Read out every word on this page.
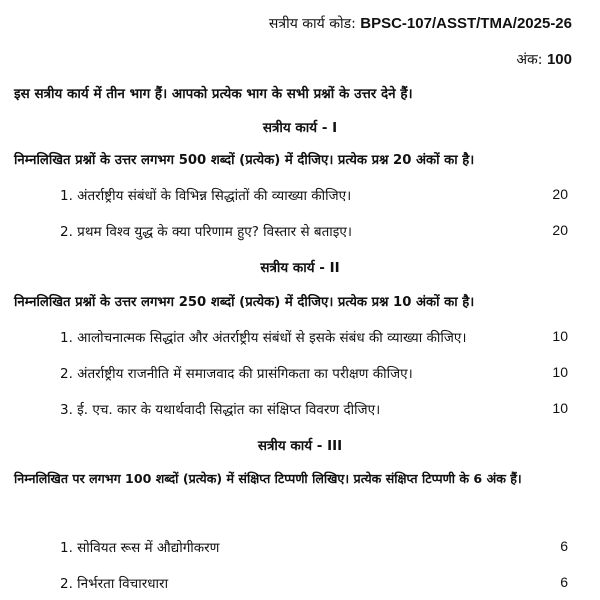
सत्रीय कार्य कोड: BPSC-107/ASST/TMA/2025-26
अंक: 100
इस सत्रीय कार्य में तीन भाग हैं। आपको प्रत्येक भाग के सभी प्रश्नों के उत्तर देने हैं।
सत्रीय कार्य - I
निम्नलिखित प्रश्नों के उत्तर लगभग 500 शब्दों (प्रत्येक) में दीजिए। प्रत्येक प्रश्न 20 अंकों का है।
1. अंतर्राष्ट्रीय संबंधों के विभिन्न सिद्धांतों की व्याख्या कीजिए।	20
2. प्रथम विश्व युद्ध के क्या परिणाम हुए? विस्तार से बताइए।	20
सत्रीय कार्य - II
निम्नलिखित प्रश्नों के उत्तर लगभग 250 शब्दों (प्रत्येक) में दीजिए। प्रत्येक प्रश्न 10 अंकों का है।
1. आलोचनात्मक सिद्धांत और अंतर्राष्ट्रीय संबंधों से इसके संबंध की व्याख्या कीजिए।	10
2. अंतर्राष्ट्रीय राजनीति में समाजवाद की प्रासंगिकता का परीक्षण कीजिए।	10
3. ई. एच. कार के यथार्थवादी सिद्धांत का संक्षिप्त विवरण दीजिए।	10
सत्रीय कार्य - III
निम्नलिखित पर लगभग 100 शब्दों (प्रत्येक) में संक्षिप्त टिप्पणी लिखिए। प्रत्येक संक्षिप्त टिप्पणी के 6 अंक हैं।
1. सोवियत रूस में औद्योगीकरण	6
2. निर्भरता विचारधारा	6
